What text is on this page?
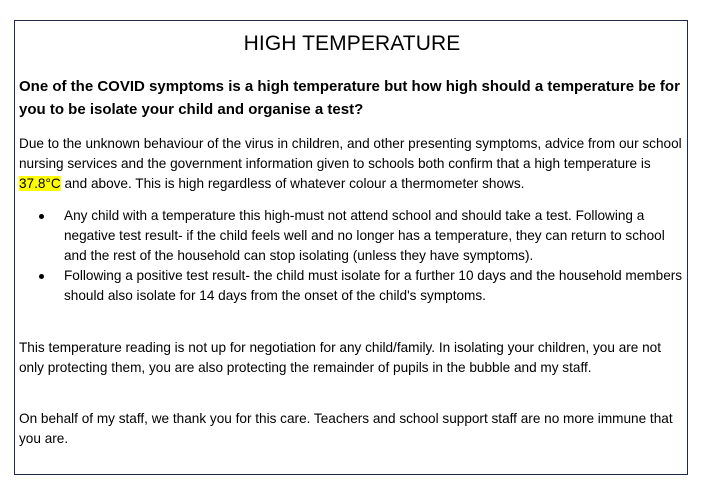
HIGH TEMPERATURE
One of the COVID symptoms is a high temperature but how high should a temperature be for you to be isolate your child and organise a test?
Due to the unknown behaviour of the virus in children, and other presenting symptoms, advice from our school nursing services and the government information given to schools both confirm that a high temperature is 37.8°C and above. This is high regardless of whatever colour a thermometer shows.
Any child with a temperature this high-must not attend school and should take a test. Following a negative test result- if the child feels well and no longer has a temperature, they can return to school and the rest of the household can stop isolating (unless they have symptoms).
Following a positive test result- the child must isolate for a further 10 days and the household members should also isolate for 14 days from the onset of the child's symptoms.
This temperature reading is not up for negotiation for any child/family. In isolating your children, you are not only protecting them, you are also protecting the remainder of pupils in the bubble and my staff.
On behalf of my staff, we thank you for this care. Teachers and school support staff are no more immune that you are.
